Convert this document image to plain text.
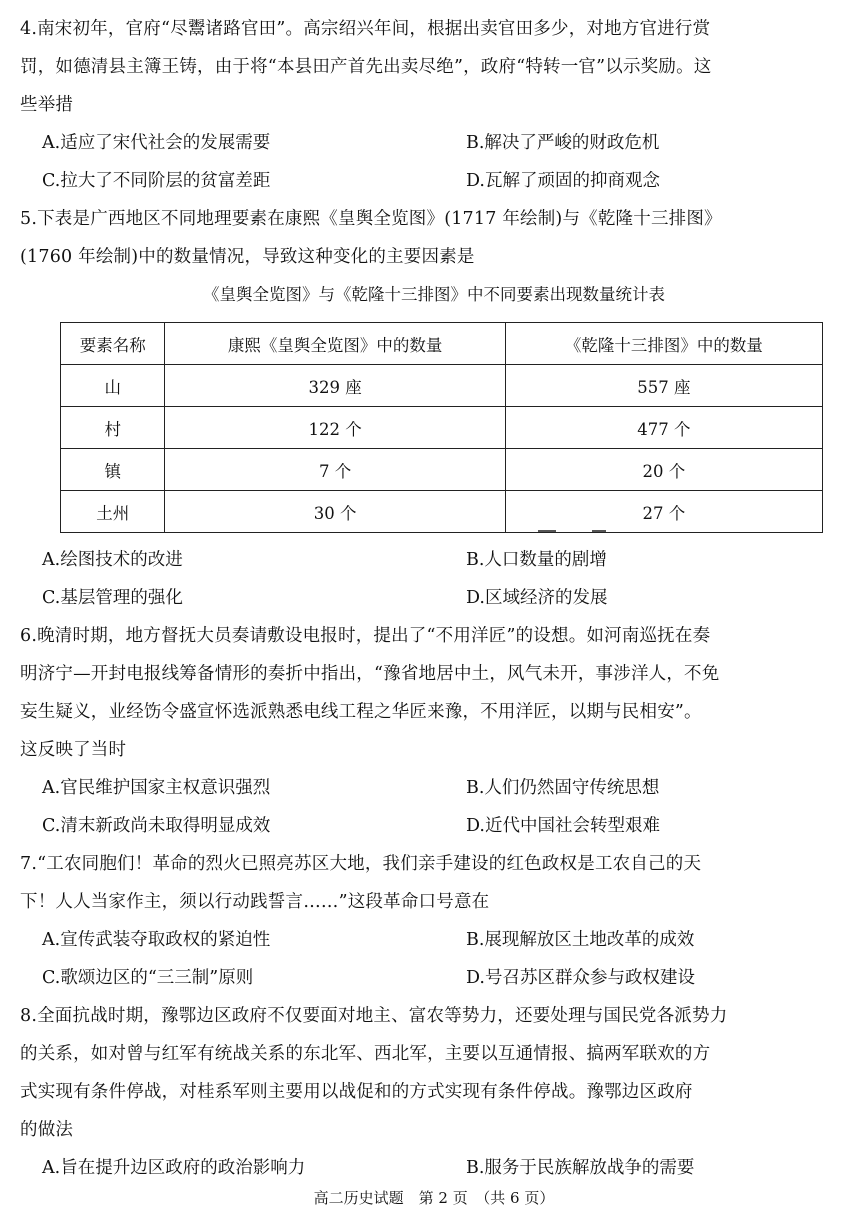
4.南宋初年，官府“尽鬻诸路官田”。高宗绍兴年间，根据出卖官田多少，对地方官进行赏
罚，如德清县主簿王铸，由于将“本县田产首先出卖尽绝”，政府“特转一官”以示奖励。这
些举措
A.适应了宋代社会的发展需要	B.解决了严峻的财政危机
C.拉大了不同阶层的贫富差距	D.瓦解了顽固的抑商观念
5.下表是广西地区不同地理要素在康熙《皇舆全览图》(1717 年绘制)与《乾隆十三排图》
(1760 年绘制)中的数量情况，导致这种变化的主要因素是
《皇舆全览图》与《乾隆十三排图》中不同要素出现数量统计表
要素名称	康熙《皇舆全览图》中的数量	《乾隆十三排图》中的数量
山	329 座	557 座
村	122 个	477 个
镇	7 个	20 个
土州	30 个	27 个
A.绘图技术的改进	B.人口数量的剧增
C.基层管理的强化	D.区域经济的发展
6.晚清时期，地方督抚大员奏请敷设电报时，提出了“不用洋匠”的设想。如河南巡抚在奏
明济宁—开封电报线筹备情形的奏折中指出，“豫省地居中土，风气未开，事涉洋人，不免
妄生疑义，业经饬令盛宣怀选派熟悉电线工程之华匠来豫，不用洋匠，以期与民相安”。
这反映了当时
A.官民维护国家主权意识强烈	B.人们仍然固守传统思想
C.清末新政尚未取得明显成效	D.近代中国社会转型艰难
7.“工农同胞们！革命的烈火已照亮苏区大地，我们亲手建设的红色政权是工农自己的天
下！人人当家作主，须以行动践誓言……”这段革命口号意在
A.宣传武装夺取政权的紧迫性	B.展现解放区土地改革的成效
C.歌颂边区的“三三制”原则	D.号召苏区群众参与政权建设
8.全面抗战时期，豫鄂边区政府不仅要面对地主、富农等势力，还要处理与国民党各派势力
的关系，如对曾与红军有统战关系的东北军、西北军，主要以互通情报、搞两军联欢的方
式实现有条件停战，对桂系军则主要用以战促和的方式实现有条件停战。豫鄂边区政府
的做法
A.旨在提升边区政府的政治影响力	B.服务于民族解放战争的需要
高二历史试题　第 2 页　（共 6 页）
